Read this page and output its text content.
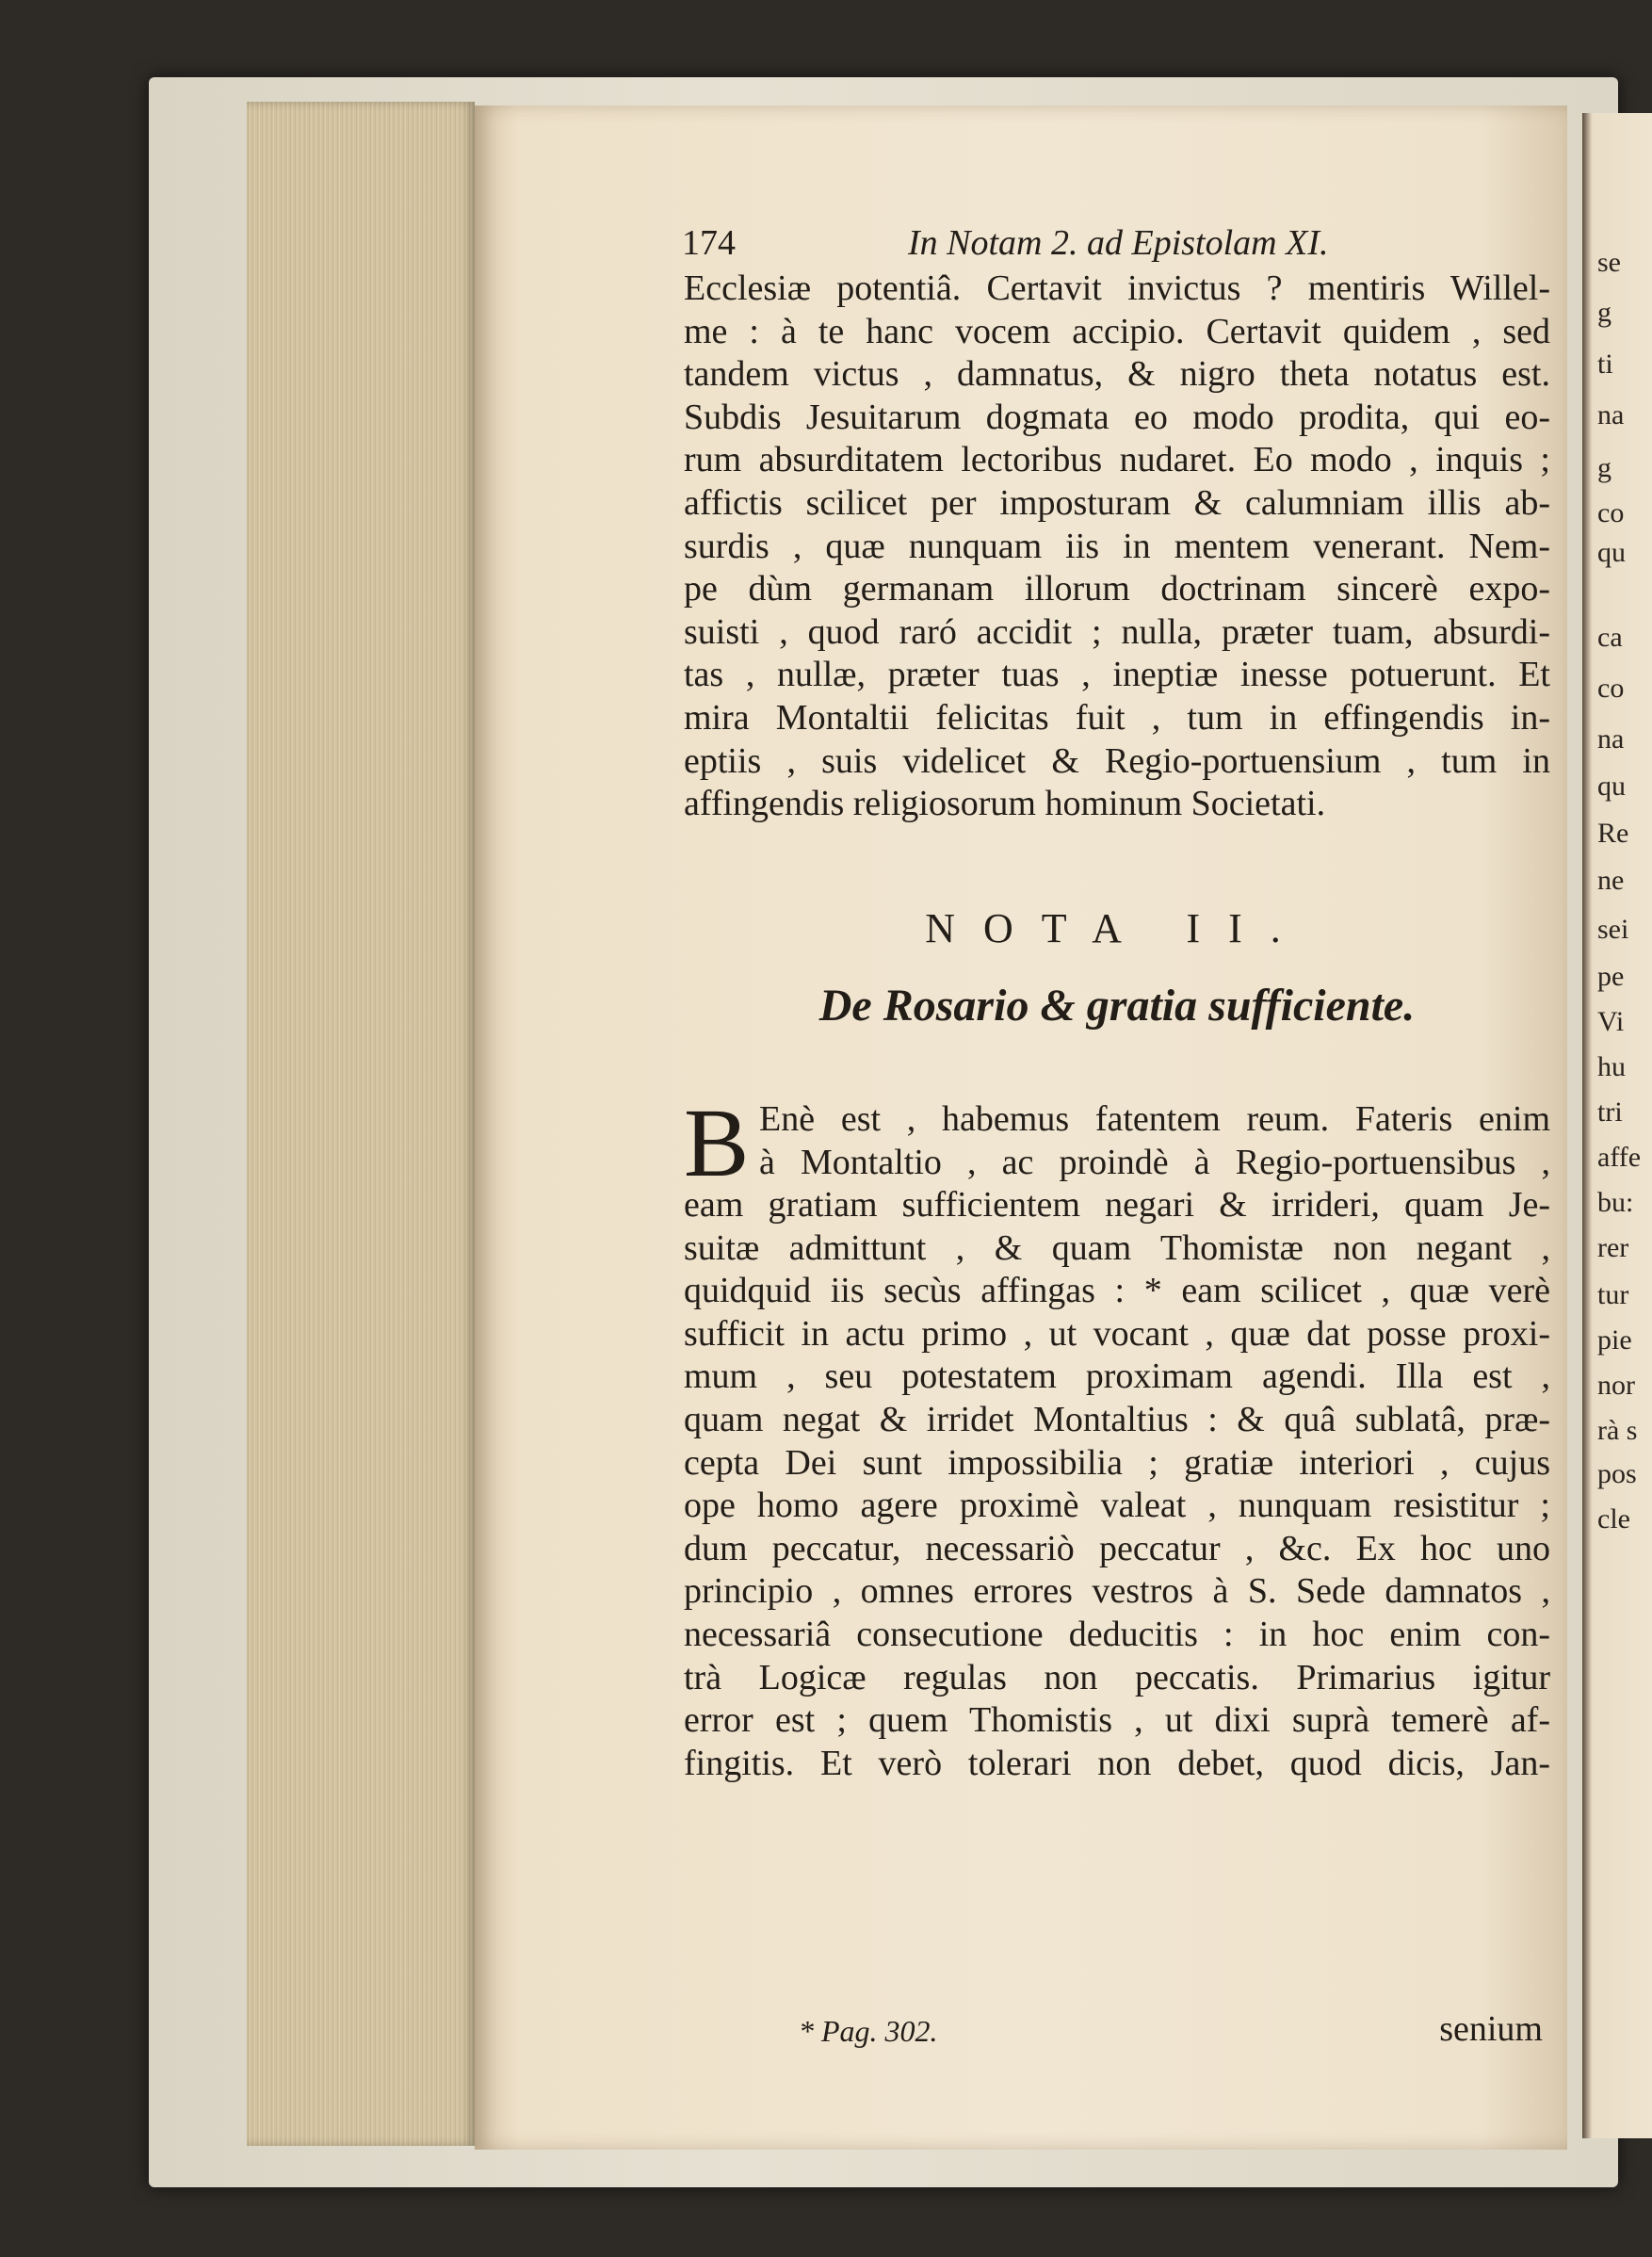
se
g
ti
na
g
co
qu
ca
co
na
qu
Re
ne
sei
pe
Vi
hu
tri
affe
bu:
rer
tur
pie
nor
rà s
pos
cle
174	In Notam 2. ad Epistolam XI.
Ecclesiæ potentiâ. Certavit invictus ? mentiris Willel-
me : à te hanc vocem accipio. Certavit quidem , sed
tandem victus , damnatus, & nigro theta notatus est.
Subdis Jesuitarum dogmata eo modo prodita, qui eo-
rum absurditatem lectoribus nudaret. Eo modo , inquis ;
affictis scilicet per imposturam & calumniam illis ab-
surdis , quæ nunquam iis in mentem venerant. Nem-
pe dùm germanam illorum doctrinam sincerè expo-
suisti , quod raró accidit ; nulla, præter tuam, absurdi-
tas , nullæ, præter tuas , ineptiæ inesse potuerunt. Et
mira Montaltii felicitas fuit , tum in effingendis in-
eptiis , suis videlicet & Regio-portuensium , tum in
affingendis religiosorum hominum Societati.
NOTA II.
De Rosario & gratia sufficiente.
B Enè est , habemus fatentem reum. Fateris enim
à Montaltio , ac proindè à Regio-portuensibus ,
eam gratiam sufficientem negari & irrideri, quam Je-
suitæ admittunt , & quam Thomistæ non negant ,
quidquid iis secùs affingas : * eam scilicet , quæ verè
sufficit in actu primo , ut vocant , quæ dat posse proxi-
mum , seu potestatem proximam agendi. Illa est ,
quam negat & irridet Montaltius : & quâ sublatâ, præ-
cepta Dei sunt impossibilia ; gratiæ interiori , cujus
ope homo agere proximè valeat , nunquam resistitur ;
dum peccatur, necessariò peccatur , &c. Ex hoc uno
principio , omnes errores vestros à S. Sede damnatos ,
necessariâ consecutione deducitis : in hoc enim con-
trà Logicæ regulas non peccatis. Primarius igitur
error est ; quem Thomistis , ut dixi suprà temerè af-
fingitis. Et verò tolerari non debet, quod dicis, Jan-
* Pag. 302.	senium
